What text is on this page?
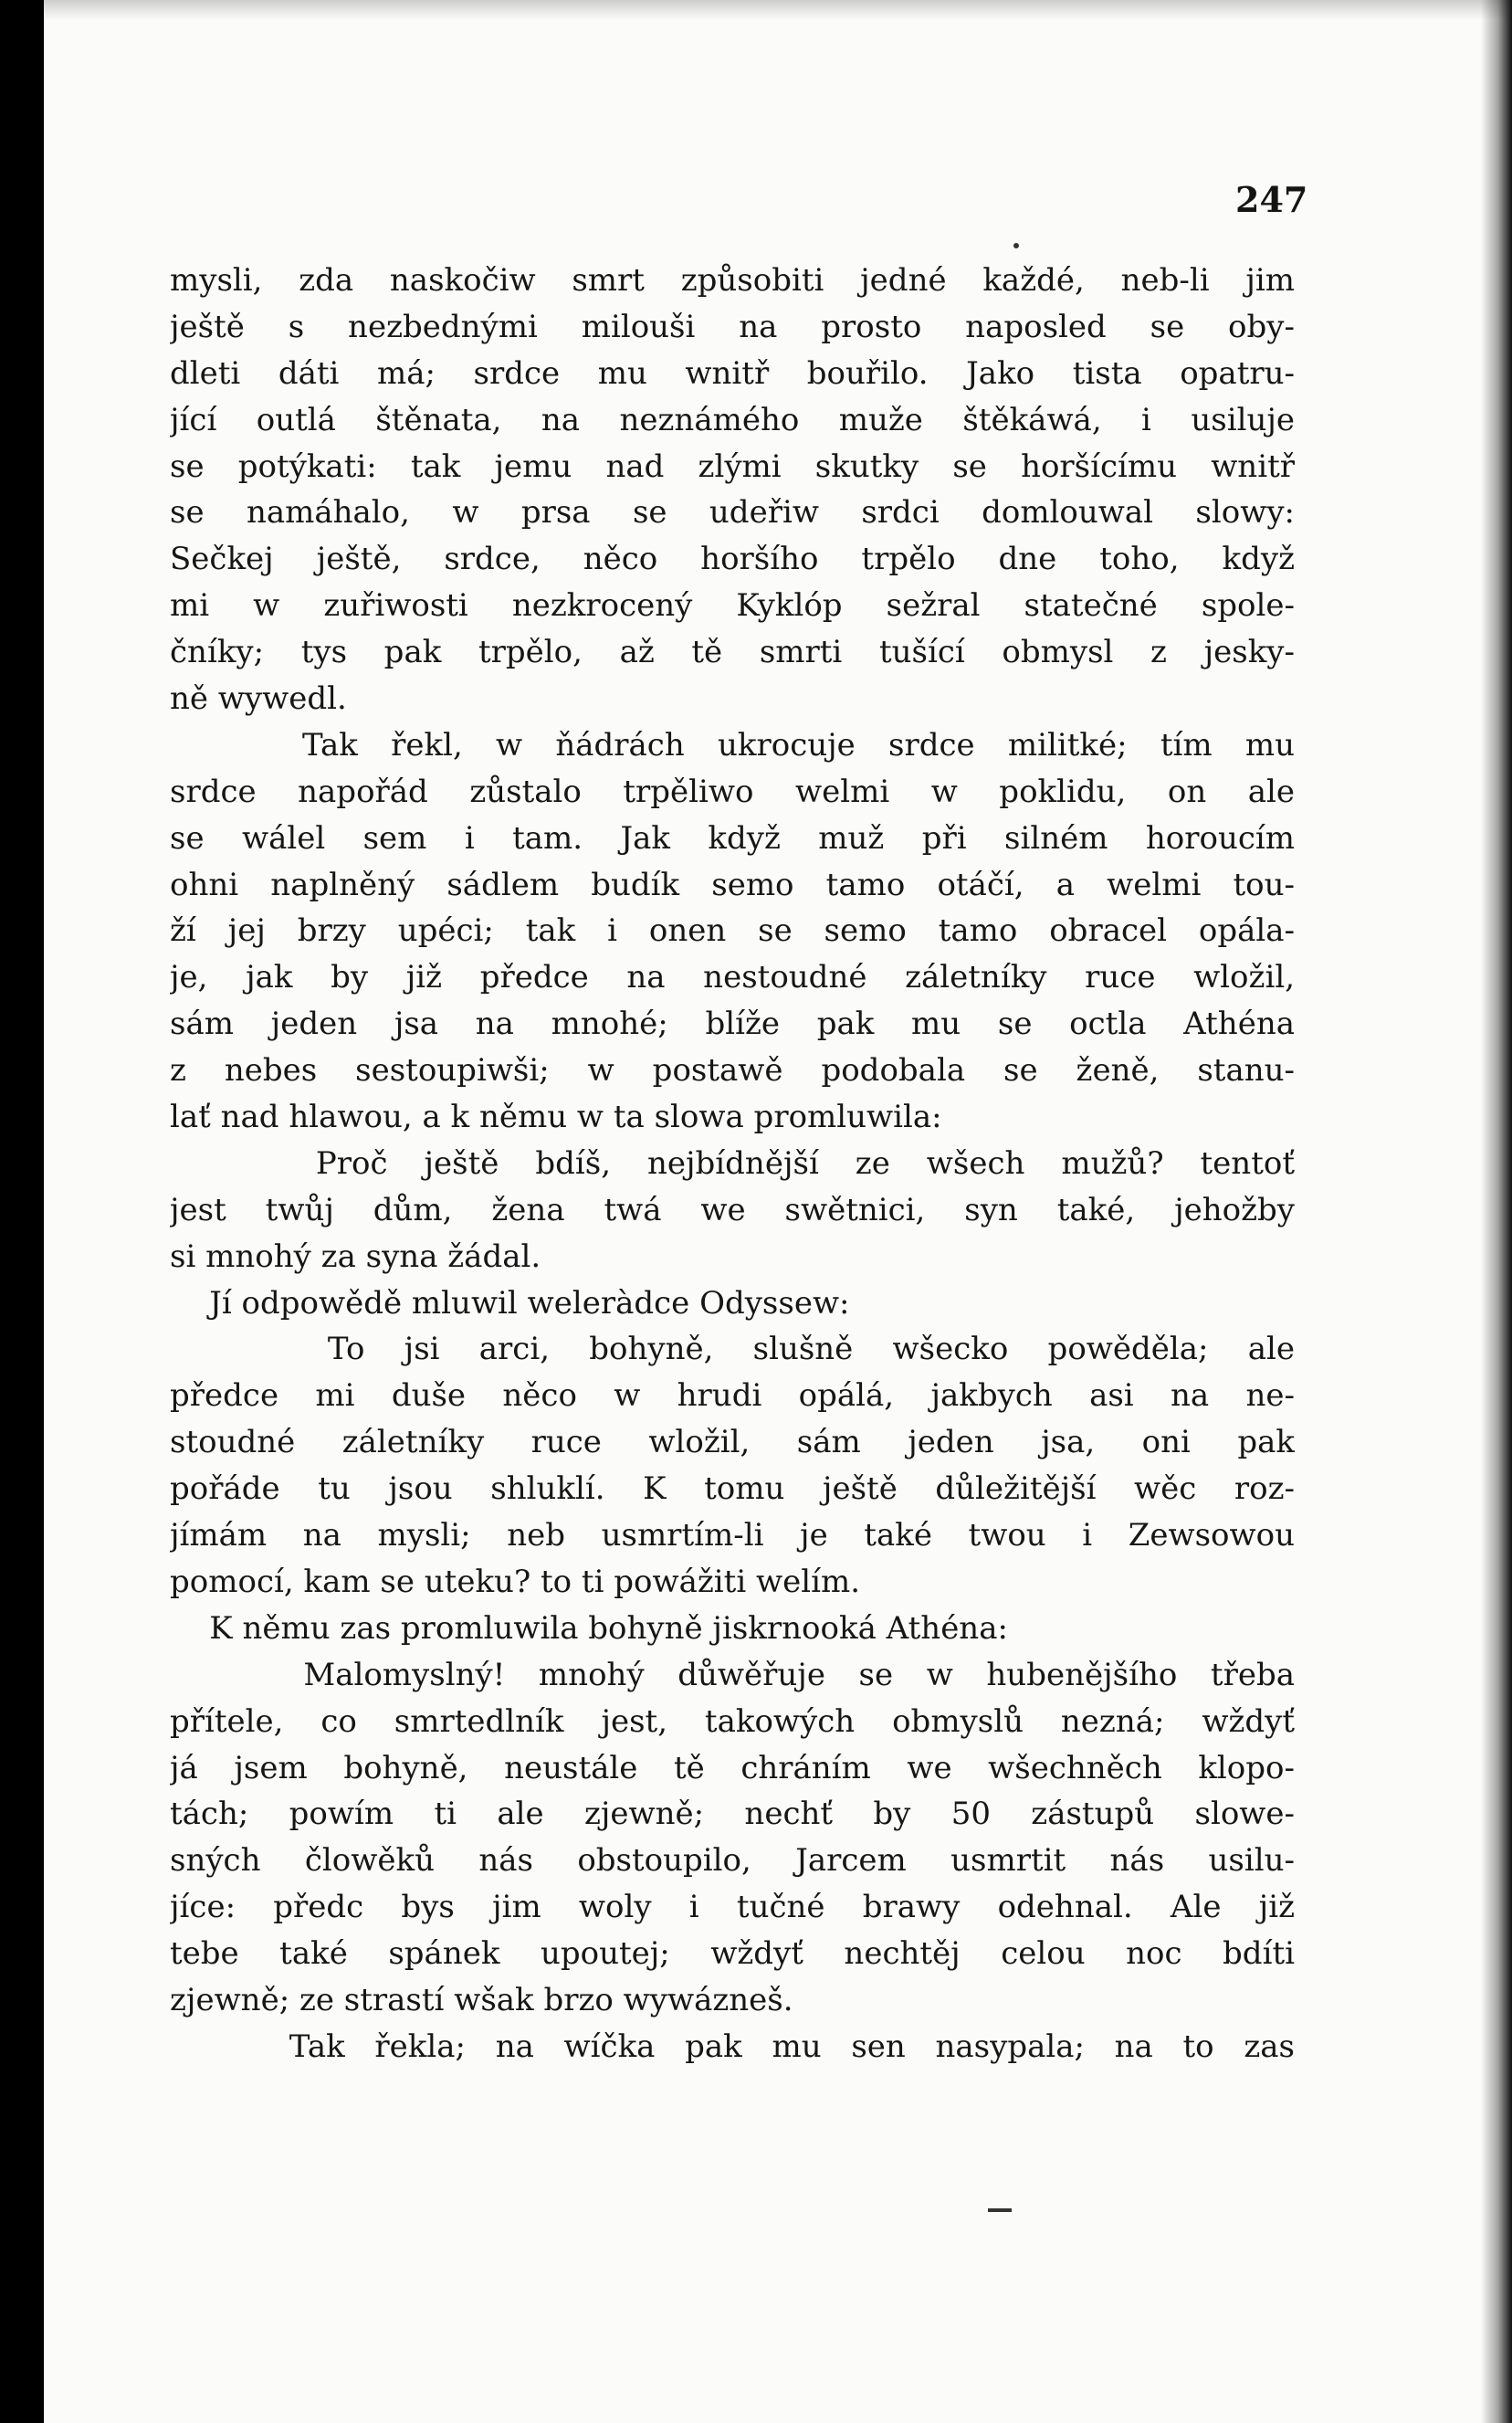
247
mysli, zda naskočiw smrt způsobiti jedné každé, neb-li jim
ještě s nezbednými milouši na prosto naposled se oby-
dleti dáti má; srdce mu wnitř bouřilo. Jako tista opatru-
jící outlá štěnata, na neznámého muže štěkáwá, i usiluje
se potýkati: tak jemu nad zlými skutky se horšícímu wnitř
se namáhalo, w prsa se udeřiw srdci domlouwal slowy:
Sečkej ještě, srdce, něco horšího trpělo dne toho, když
mi w zuřiwosti nezkrocený Kyklóp sežral statečné spole-
čníky; tys pak trpělo, až tě smrti tušící obmysl z jesky-
ně wywedl.
Tak řekl, w ňádrách ukrocuje srdce militké; tím mu
srdce napořád zůstalo trpěliwo welmi w poklidu, on ale
se wálel sem i tam. Jak když muž při silném horoucím
ohni naplněný sádlem budík semo tamo otáčí, a welmi tou-
ží jej brzy upéci; tak i onen se semo tamo obracel opála-
je, jak by již předce na nestoudné záletníky ruce wložil,
sám jeden jsa na mnohé; blíže pak mu se octla Athéna
z nebes sestoupiwši; w postawě podobala se ženě, stanu-
lať nad hlawou, a k němu w ta slowa promluwila:
Proč ještě bdíš, nejbídnější ze wšech mužů? tentoť
jest twůj dům, žena twá we swětnici, syn také, jehožby
si mnohý za syna žádal.
Jí odpowědě mluwil weleràdce Odyssew:
To jsi arci, bohyně, slušně wšecko powěděla; ale
předce mi duše něco w hrudi opálá, jakbych asi na ne-
stoudné záletníky ruce wložil, sám jeden jsa, oni pak
pořáde tu jsou shluklí. K tomu ještě důležitější wěc roz-
jímám na mysli; neb usmrtím-li je také twou i Zewsowou
pomocí, kam se uteku? to ti powážiti welím.
K němu zas promluwila bohyně jiskrnooká Athéna:
Malomyslný! mnohý důwěřuje se w hubenějšího třeba
přítele, co smrtedlník jest, takowých obmyslů nezná; wždyť
já jsem bohyně, neustále tě chráním we wšechněch klopo-
tách; powím ti ale zjewně; nechť by 50 zástupů slowe-
sných člowěků nás obstoupilo, Jarcem usmrtit nás usilu-
jíce: předc bys jim woly i tučné brawy odehnal. Ale již
tebe také spánek upoutej; wždyť nechtěj celou noc bdíti
zjewně; ze strastí wšak brzo wywázneš.
Tak řekla; na wíčka pak mu sen nasypala; na to zas
